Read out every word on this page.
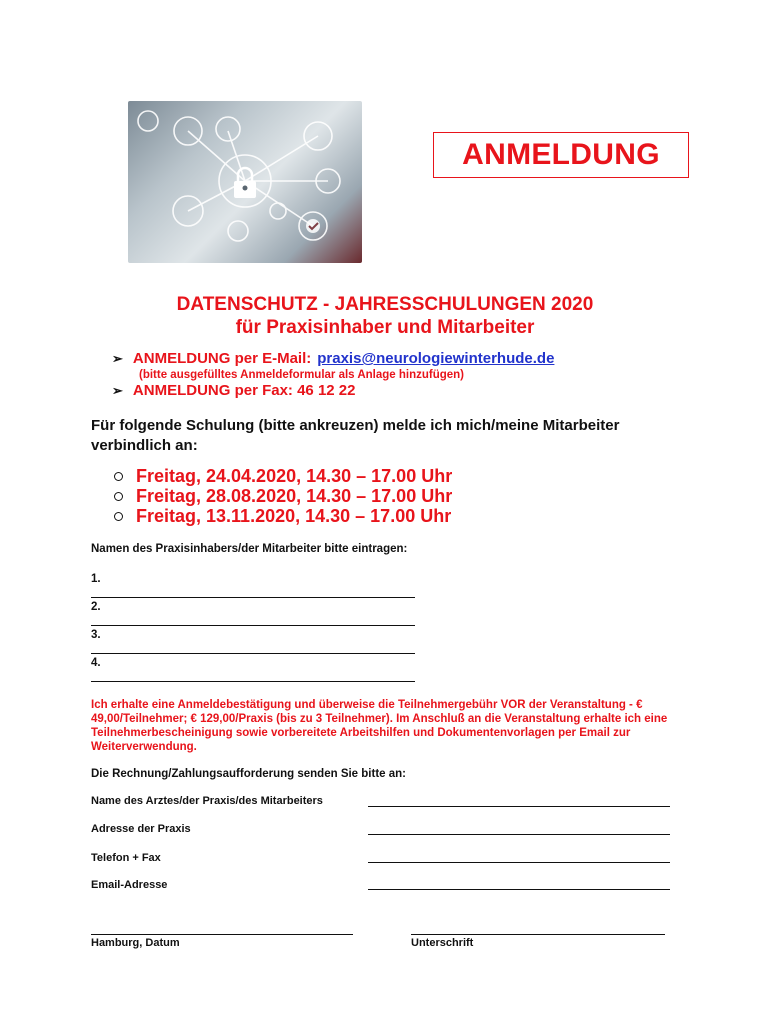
ANMELDUNG
DATENSCHUTZ - JAHRESSCHULUNGEN 2020
für Praxisinhaber und Mitarbeiter
➢ ANMELDUNG per E-Mail: praxis@neurologiewinterhude.de
(bitte ausgefülltes Anmeldeformular als Anlage hinzufügen)
➢ ANMELDUNG per Fax: 46 12 22
Für folgende Schulung (bitte ankreuzen) melde ich mich/meine Mitarbeiter verbindlich an:
Freitag, 24.04.2020, 14.30 – 17.00 Uhr
Freitag, 28.08.2020, 14.30 – 17.00 Uhr
Freitag, 13.11.2020, 14.30 – 17.00 Uhr
Namen des Praxisinhabers/der Mitarbeiter bitte eintragen:
1.
2.
3.
4.
Ich erhalte eine Anmeldebestätigung und überweise die Teilnehmergebühr VOR der Veranstaltung - € 49,00/Teilnehmer; € 129,00/Praxis (bis zu 3 Teilnehmer). Im Anschluß an die Veranstaltung erhalte ich eine Teilnehmerbescheinigung sowie vorbereitete Arbeitshilfen und Dokumentenvorlagen per Email zur Weiterverwendung.
Die Rechnung/Zahlungsaufforderung senden Sie bitte an:
Name des Arztes/der Praxis/des Mitarbeiters
Adresse der Praxis
Telefon + Fax
Email-Adresse
Hamburg, Datum	Unterschrift
